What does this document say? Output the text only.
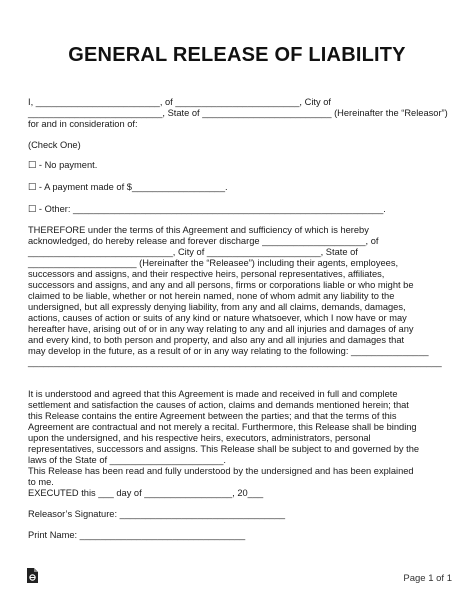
GENERAL RELEASE OF LIABILITY
I, ________________________, of ________________________, City of
__________________________, State of _________________________ (Hereinafter the “Releasor”)
for and in consideration of:
(Check One)
☐ - No payment.
☐ - A payment made of $__________________.
☐ - Other: ____________________________________________________________.
THEREFORE under the terms of this Agreement and sufficiency of which is hereby
acknowledged, do hereby release and forever discharge ____________________, of
____________________________, City of ______________________, State of
_____________________ (Hereinafter the “Releasee”) including their agents, employees,
successors and assigns, and their respective heirs, personal representatives, affiliates,
successors and assigns, and any and all persons, firms or corporations liable or who might be
claimed to be liable, whether or not herein named, none of whom admit any liability to the
undersigned, but all expressly denying liability, from any and all claims, demands, damages,
actions, causes of action or suits of any kind or nature whatsoever, which I now have or may
hereafter have, arising out of or in any way relating to any and all injuries and damages of any
and every kind, to both person and property, and also any and all injuries and damages that
may develop in the future, as a result of or in any way relating to the following: _______________
________________________________________________________________________________
It is understood and agreed that this Agreement is made and received in full and complete
settlement and satisfaction the causes of action, claims and demands mentioned herein; that
this Release contains the entire Agreement between the parties; and that the terms of this
Agreement are contractual and not merely a recital. Furthermore, this Release shall be binding
upon the undersigned, and his respective heirs, executors, administrators, personal
representatives, successors and assigns. This Release shall be subject to and governed by the
laws of the State of ______________________.
This Release has been read and fully understood by the undersigned and has been explained
to me.
EXECUTED this ___ day of _________________, 20___
Releasor’s Signature: ________________________________
Print Name: ________________________________
Page 1 of 1
